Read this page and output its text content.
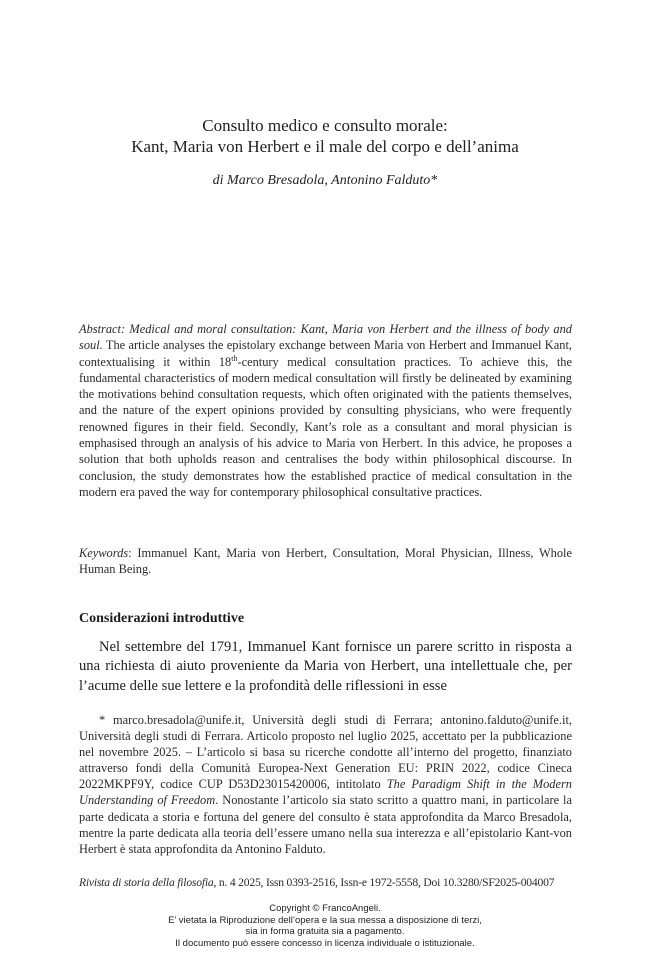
Consulto medico e consulto morale:
Kant, Maria von Herbert e il male del corpo e dell’anima
di Marco Bresadola, Antonino Falduto*
Abstract: Medical and moral consultation: Kant, Maria von Herbert and the illness of body and soul. The article analyses the epistolary exchange between Maria von Herbert and Immanuel Kant, contextualising it within 18th-century medical consultation practices. To achieve this, the fundamental characteristics of modern medical consultation will firstly be delineated by examining the motivations behind consultation requests, which often originated with the patients themselves, and the nature of the expert opinions provided by consulting physicians, who were frequently renowned figures in their field. Secondly, Kant’s role as a consultant and moral physician is emphasised through an analysis of his advice to Maria von Herbert. In this advice, he proposes a solution that both upholds reason and centralises the body within philosophical discourse. In conclusion, the study demonstrates how the established practice of medical consultation in the modern era paved the way for contemporary philosophical consultative practices.
Keywords: Immanuel Kant, Maria von Herbert, Consultation, Moral Physician, Illness, Whole Human Being.
Considerazioni introduttive
Nel settembre del 1791, Immanuel Kant fornisce un parere scritto in risposta a una richiesta di aiuto proveniente da Maria von Herbert, una intellettuale che, per l’acume delle sue lettere e la profondità delle riflessioni in esse
* marco.bresadola@unife.it, Università degli studi di Ferrara; antonino.falduto@unife.it, Università degli studi di Ferrara. Articolo proposto nel luglio 2025, accettato per la pubblicazione nel novembre 2025. – L’articolo si basa su ricerche condotte all’interno del progetto, finanziato attraverso fondi della Comunità Europea-Next Generation EU: PRIN 2022, codice Cineca 2022MKPF9Y, codice CUP D53D23015420006, intitolato The Paradigm Shift in the Modern Understanding of Freedom. Nonostante l’articolo sia stato scritto a quattro mani, in particolare la parte dedicata a storia e fortuna del genere del consulto è stata approfondita da Marco Bresadola, mentre la parte dedicata alla teoria dell’essere umano nella sua interezza e all’epistolario Kant-von Herbert è stata approfondita da Antonino Falduto.
Rivista di storia della filosofia, n. 4 2025, Issn 0393-2516, Issn-e 1972-5558, Doi 10.3280/SF2025-004007
Copyright © FrancoAngeli.
E’ vietata la Riproduzione dell’opera e la sua messa a disposizione di terzi,
sia in forma gratuita sia a pagamento.
Il documento può essere concesso in licenza individuale o istituzionale.
